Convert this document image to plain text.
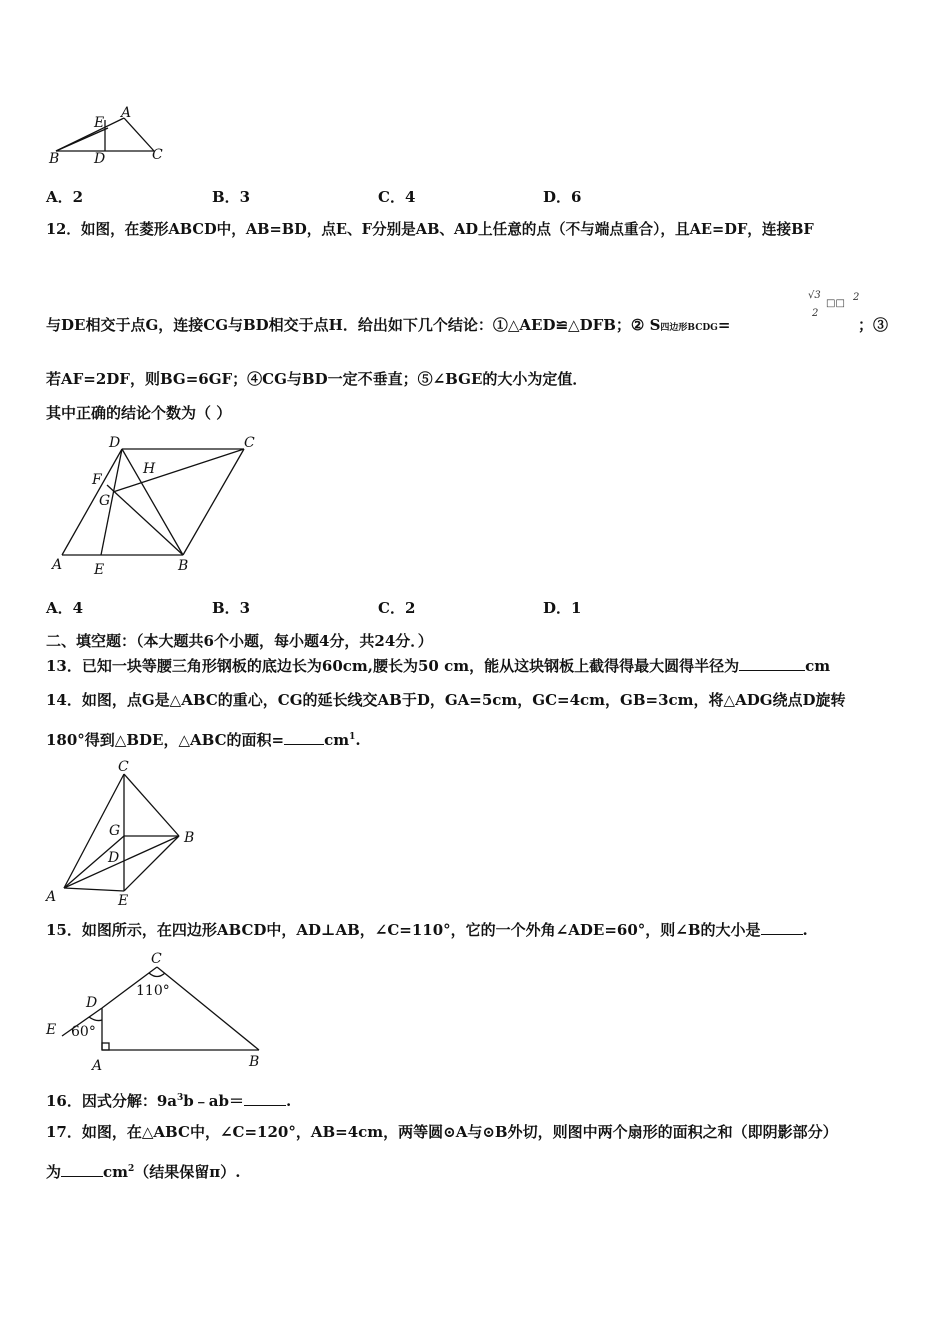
E
A
B D	C
A．2	B．3	C．4	D．6
12．如图，在菱形ABCD中，AB=BD，点E、F分别是AB、AD上任意的点（不与端点重合），且AE=DF，连接BF
与DE相交于点G，连接CG与BD相交于点H．给出如下几个结论：①△AED≌△DFB；② S四边形BCDG=
√3
2
□□
2
；③
若AF=2DF，则BG=6GF；④CG与BD一定不垂直；⑤∠BGE的大小为定值．
其中正确的结论个数为（ ）
D	C
H
F
G
A E	B
A．4	B．3	C．2	D．1
二、填空题：（本大题共6个小题，每小题4分，共24分．）
13．已知一块等腰三角形钢板的底边长为60cm,腰长为50 cm，能从这块钢板上截得得最大圆得半径为	cm
14．如图，点G是△ABC的重心，CG的延长线交AB于D，GA=5cm，GC=4cm，GB=3cm，将△ADG绕点D旋转
180°得到△BDE，△ABC的面积=	$cm^1$.
C
G	B
D
A	E
15．如图所示，在四边形ABCD中，AD⊥AB，∠C=110°，它的一个外角∠ADE=60°，则∠B的大小是	.
C
110°
D
E 60°
A	B
16．因式分解：$9a^3b﹣ab=$	.
17．如图，在△ABC中，∠C=120°，AB=4cm，两等圆⊙A与⊙B外切，则图中两个扇形的面积之和（即阴影部分）
为	$cm^2$（结果保留π）.
